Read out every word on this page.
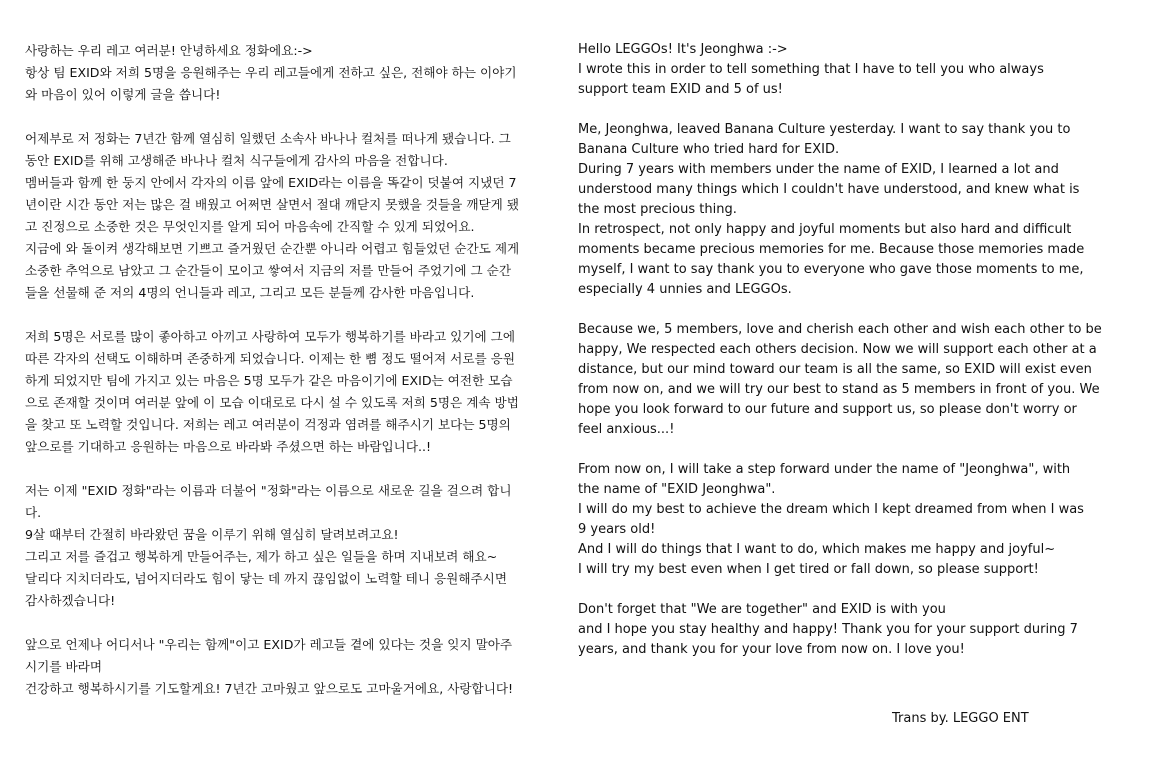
사랑하는 우리 레고 여러분! 안녕하세요 정화에요:->
항상 팀 EXID와 저희 5명을 응원해주는 우리 레고들에게 전하고 싶은, 전해야 하는 이야기
와 마음이 있어 이렇게 글을 씁니다!

어제부로 저 정화는 7년간 함께 열심히 일했던 소속사 바나나 컬처를 떠나게 됐습니다. 그
동안 EXID를 위해 고생해준 바나나 컬처 식구들에게 감사의 마음을 전합니다.
멤버들과 함께 한 둥지 안에서 각자의 이름 앞에 EXID라는 이름을 똑같이 덧붙여 지냈던 7
년이란 시간 동안 저는 많은 걸 배웠고 어쩌면 살면서 절대 깨닫지 못했을 것들을 깨닫게 됐
고 진정으로 소중한 것은 무엇인지를 알게 되어 마음속에 간직할 수 있게 되었어요.
지금에 와 돌이켜 생각해보면 기쁘고 즐거웠던 순간뿐 아니라 어렵고 힘들었던 순간도 제게
소중한 추억으로 남았고 그 순간들이 모이고 쌓여서 지금의 저를 만들어 주었기에 그 순간
들을 선물해 준 저의 4명의 언니들과 레고, 그리고 모든 분들께 감사한 마음입니다.

저희 5명은 서로를 많이 좋아하고 아끼고 사랑하여 모두가 행복하기를 바라고 있기에 그에
따른 각자의 선택도 이해하며 존중하게 되었습니다. 이제는 한 뼘 정도 떨어져 서로를 응원
하게 되었지만 팀에 가지고 있는 마음은 5명 모두가 같은 마음이기에 EXID는 여전한 모습
으로 존재할 것이며 여러분 앞에 이 모습 이대로로 다시 설 수 있도록 저희 5명은 계속 방법
을 찾고 또 노력할 것입니다. 저희는 레고 여러분이 걱정과 염려를 해주시기 보다는 5명의
앞으로를 기대하고 응원하는 마음으로 바라봐 주셨으면 하는 바람입니다..!

저는 이제 "EXID 정화"라는 이름과 더불어 "정화"라는 이름으로 새로운 길을 걸으려 합니
다.
9살 때부터 간절히 바라왔던 꿈을 이루기 위해 열심히 달려보려고요!
그리고 저를 즐겁고 행복하게 만들어주는, 제가 하고 싶은 일들을 하며 지내보려 해요~
달리다 지치더라도, 넘어지더라도 힘이 닿는 데 까지 끊임없이 노력할 테니 응원해주시면
감사하겠습니다!

앞으로 언제나 어디서나 "우리는 함께"이고 EXID가 레고들 곁에 있다는 것을 잊지 말아주
시기를 바라며
건강하고 행복하시기를 기도할게요! 7년간 고마웠고 앞으로도 고마울거에요, 사랑합니다!

Hello LEGGOs! It's Jeonghwa :->
I wrote this in order to tell something that I have to tell you who always
support team EXID and 5 of us!

Me, Jeonghwa, leaved Banana Culture yesterday. I want to say thank you to
Banana Culture who tried hard for EXID.
During 7 years with members under the name of EXID, I learned a lot and
understood many things which I couldn't have understood, and knew what is
the most precious thing.
In retrospect, not only happy and joyful moments but also hard and difficult
moments became precious memories for me. Because those memories made
myself, I want to say thank you to everyone who gave those moments to me,
especially 4 unnies and LEGGOs.

Because we, 5 members, love and cherish each other and wish each other to be
happy, We respected each others decision. Now we will support each other at a
distance, but our mind toward our team is all the same, so EXID will exist even
from now on, and we will try our best to stand as 5 members in front of you. We
hope you look forward to our future and support us, so please don't worry or
feel anxious...!

From now on, I will take a step forward under the name of "Jeonghwa", with
the name of "EXID Jeonghwa".
I will do my best to achieve the dream which I kept dreamed from when I was
9 years old!
And I will do things that I want to do, which makes me happy and joyful~
I will try my best even when I get tired or fall down, so please support!

Don't forget that "We are together" and EXID is with you
and I hope you stay healthy and happy! Thank you for your support during 7
years, and thank you for your love from now on. I love you!

Trans by. LEGGO ENT
